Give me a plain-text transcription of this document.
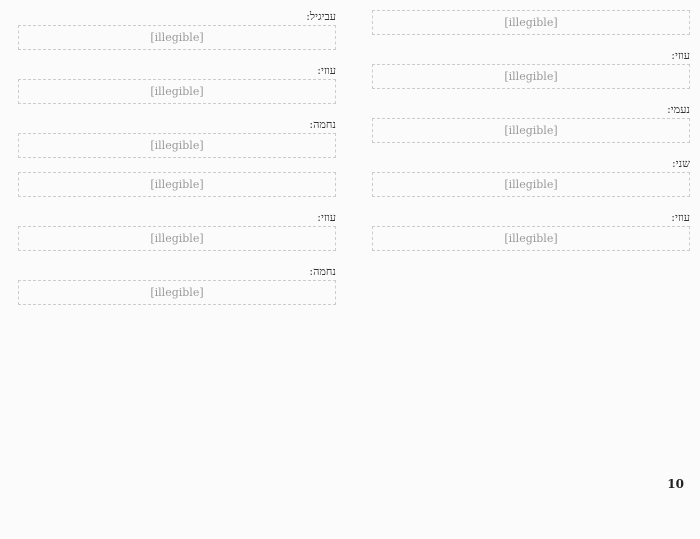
[illegible]
עוזי:
[illegible]
נעמי:
[illegible]
שני:
[illegible]
עוזי:
[illegible]
עביגיל:
[illegible]
עוזי:
[illegible]
נחמה:
[illegible]
[illegible]
עוזי:
[illegible]
נחמה:
[illegible]
10
